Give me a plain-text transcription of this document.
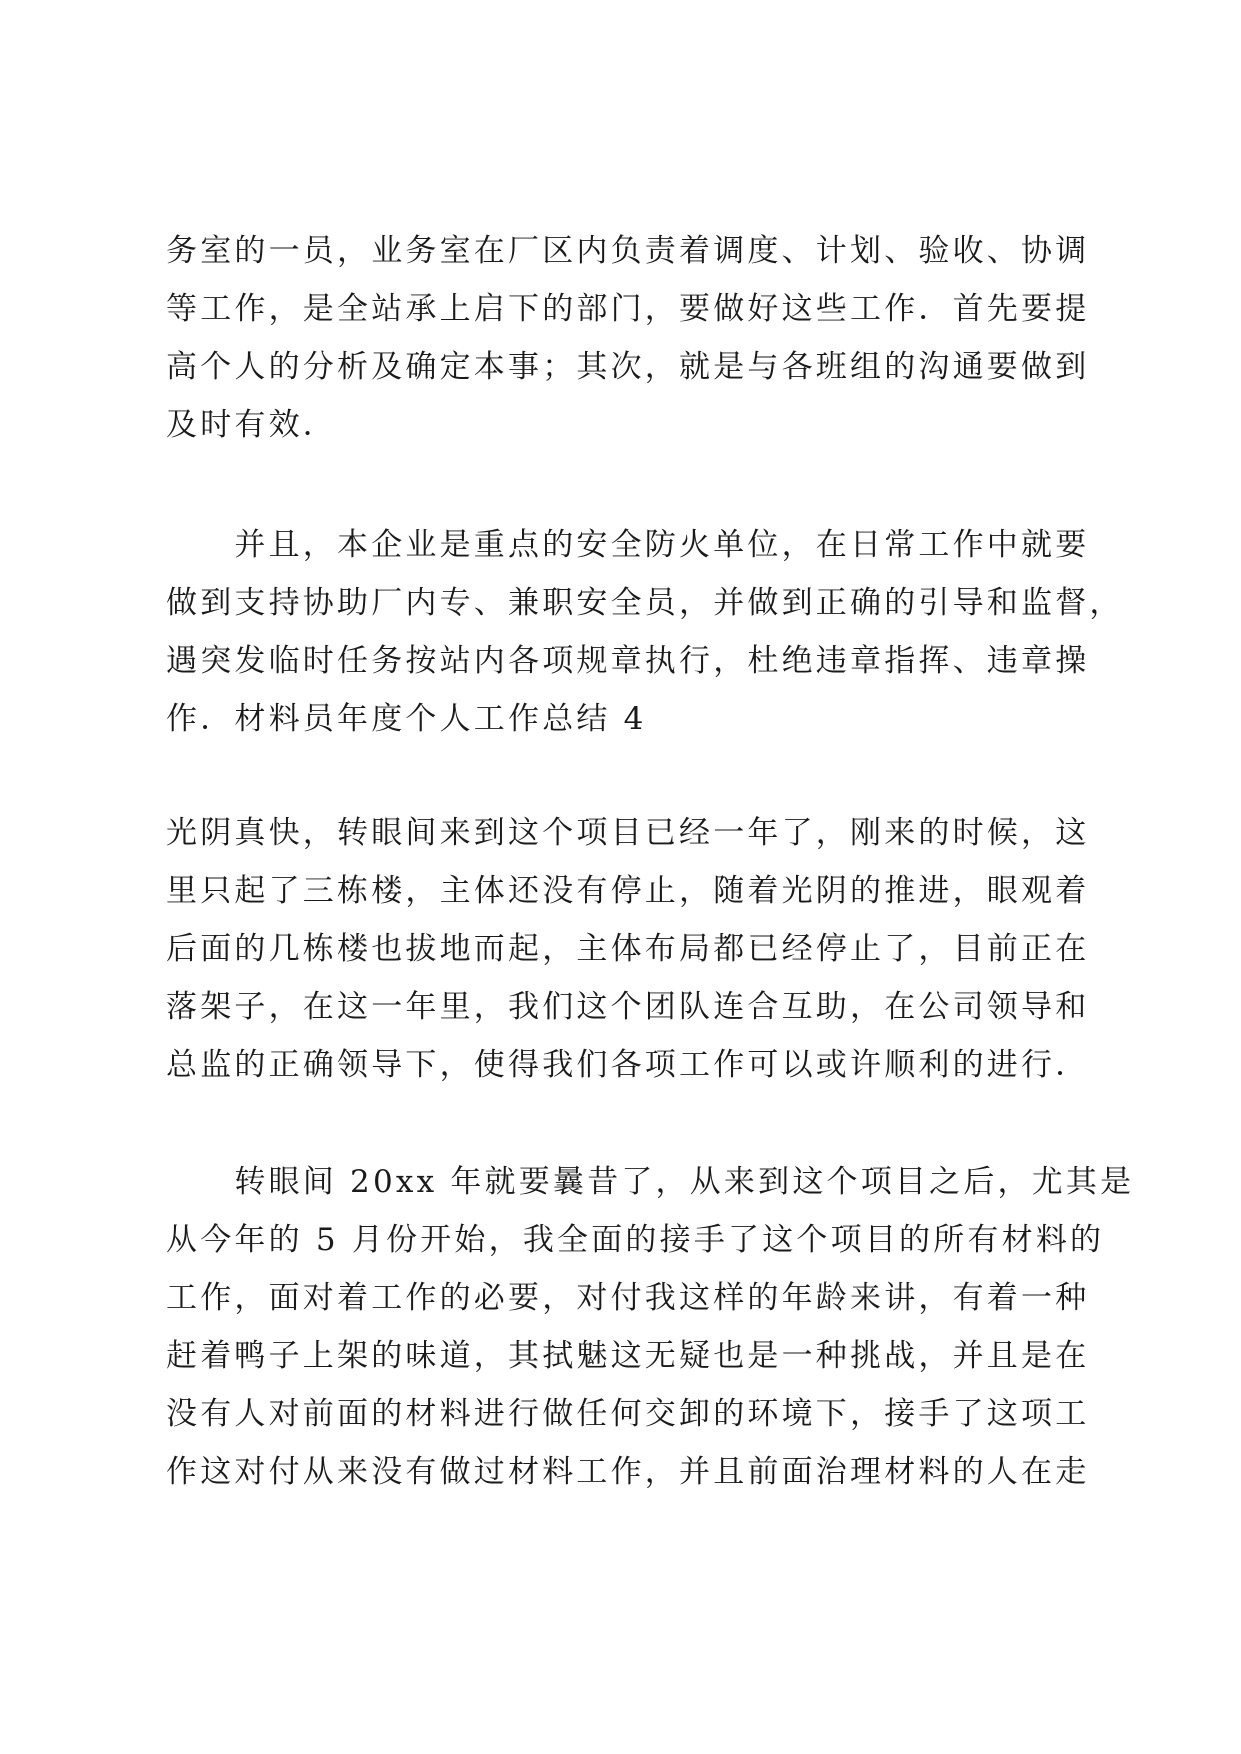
务室的一员，业务室在厂区内负责着调度、计划、验收、协调
等工作，是全站承上启下的部门，要做好这些工作．首先要提
高个人的分析及确定本事；其次，就是与各班组的沟通要做到
及时有效．
　　并且，本企业是重点的安全防火单位，在日常工作中就要
做到支持协助厂内专、兼职安全员，并做到正确的引导和监督，
遇突发临时任务按站内各项规章执行，杜绝违章指挥、违章操
作．材料员年度个人工作总结 4
光阴真快，转眼间来到这个项目已经一年了，刚来的时候，这
里只起了三栋楼，主体还没有停止，随着光阴的推进，眼观着
后面的几栋楼也拔地而起，主体布局都已经停止了，目前正在
落架子，在这一年里，我们这个团队连合互助，在公司领导和
总监的正确领导下，使得我们各项工作可以或许顺利的进行．
　　转眼间 20xx 年就要曩昔了，从来到这个项目之后，尤其是
从今年的 5 月份开始，我全面的接手了这个项目的所有材料的
工作，面对着工作的必要，对付我这样的年龄来讲，有着一种
赶着鸭子上架的味道，其拭魅这无疑也是一种挑战，并且是在
没有人对前面的材料进行做任何交卸的环境下，接手了这项工
作这对付从来没有做过材料工作，并且前面治理材料的人在走
